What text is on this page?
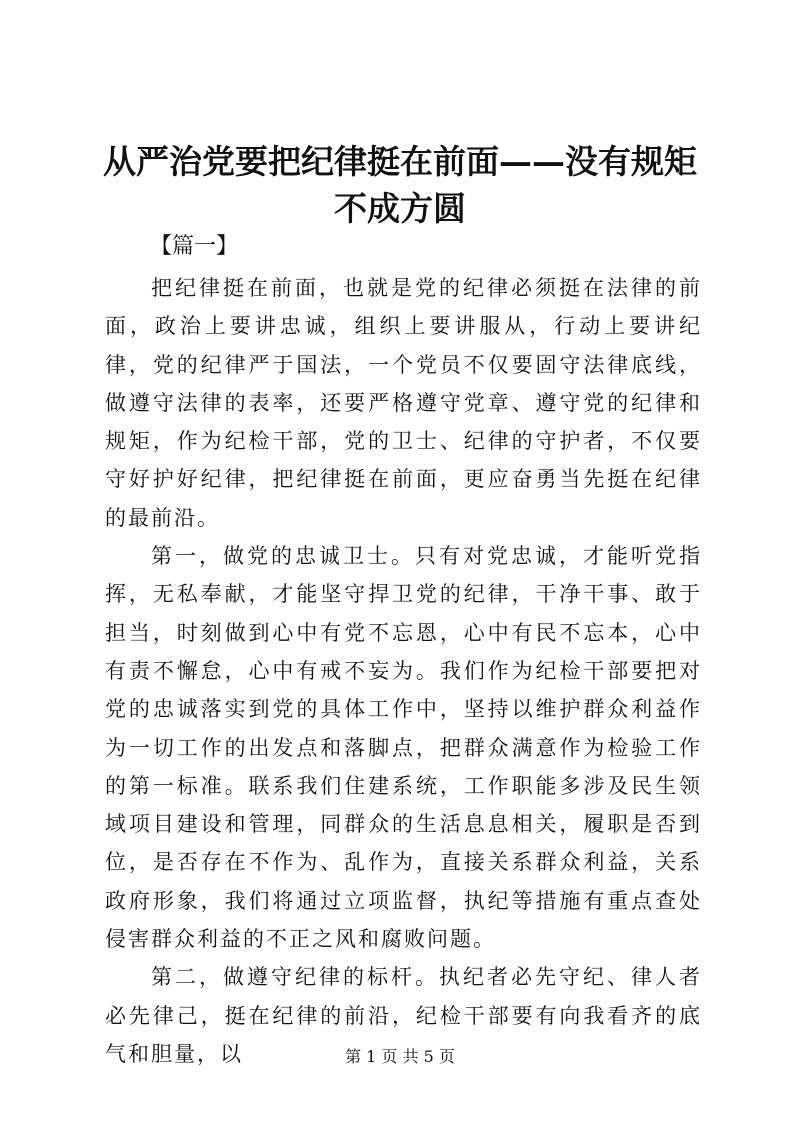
从严治党要把纪律挺在前面——没有规矩不成方圆
【篇一】

把纪律挺在前面，也就是党的纪律必须挺在法律的前面，政治上要讲忠诚，组织上要讲服从，行动上要讲纪律，党的纪律严于国法，一个党员不仅要固守法律底线，做遵守法律的表率，还要严格遵守党章、遵守党的纪律和规矩，作为纪检干部，党的卫士、纪律的守护者，不仅要守好护好纪律，把纪律挺在前面，更应奋勇当先挺在纪律的最前沿。

第一，做党的忠诚卫士。只有对党忠诚，才能听党指挥，无私奉献，才能坚守捍卫党的纪律，干净干事、敢于担当，时刻做到心中有党不忘恩，心中有民不忘本，心中有责不懈怠，心中有戒不妄为。我们作为纪检干部要把对党的忠诚落实到党的具体工作中，坚持以维护群众利益作为一切工作的出发点和落脚点，把群众满意作为检验工作的第一标准。联系我们住建系统，工作职能多涉及民生领域项目建设和管理，同群众的生活息息相关，履职是否到位，是否存在不作为、乱作为，直接关系群众利益，关系政府形象，我们将通过立项监督，执纪等措施有重点查处侵害群众利益的不正之风和腐败问题。

第二，做遵守纪律的标杆。执纪者必先守纪、律人者必先律己，挺在纪律的前沿，纪检干部要有向我看齐的底气和胆量，以	第 1 页 共 5 页
